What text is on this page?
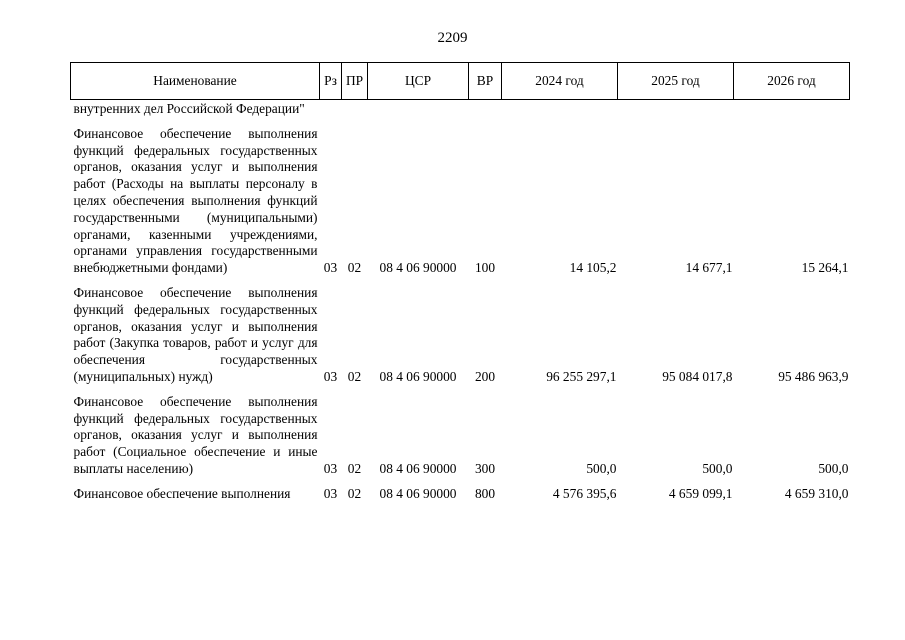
2209
Наименование	Рз	ПР	ЦСР	ВР	2024 год	2025 год	2026 год
внутренних дел Российской Федерации"							
Финансовое обеспечение выполнения функций федеральных государственных органов, оказания услуг и выполнения работ (Расходы на выплаты персоналу в целях обеспечения выполнения функций государственными (муниципальными) органами, казенными учреждениями, органами управления государственными внебюджетными фондами)	03	02	08 4 06 90000	100	14 105,2	14 677,1	15 264,1
Финансовое обеспечение выполнения функций федеральных государственных органов, оказания услуг и выполнения работ (Закупка товаров, работ и услуг для обеспечения государственных (муниципальных) нужд)	03	02	08 4 06 90000	200	96 255 297,1	95 084 017,8	95 486 963,9
Финансовое обеспечение выполнения функций федеральных государственных органов, оказания услуг и выполнения работ (Социальное обеспечение и иные выплаты населению)	03	02	08 4 06 90000	300	500,0	500,0	500,0
Финансовое обеспечение выполнения	03	02	08 4 06 90000	800	4 576 395,6	4 659 099,1	4 659 310,0
